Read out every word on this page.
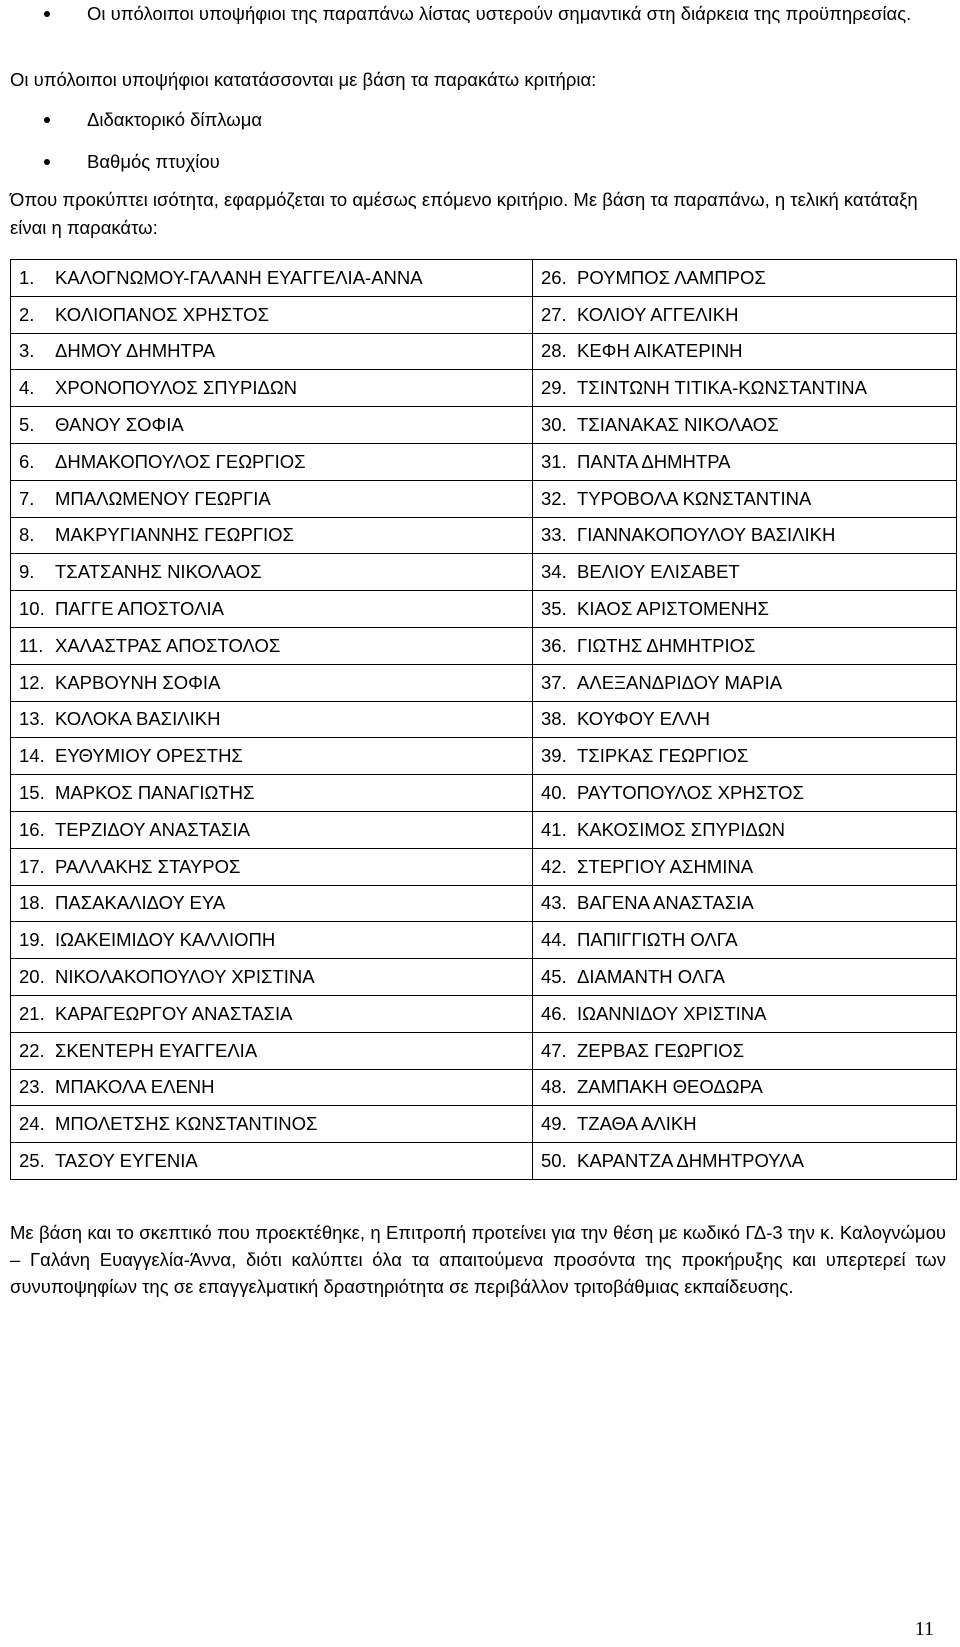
Οι υπόλοιποι υποψήφιοι της παραπάνω λίστας υστερούν σημαντικά στη διάρκεια της προϋπηρεσίας.

Οι υπόλοιποι υποψήφιοι κατατάσσονται με βάση τα παρακάτω κριτήρια:

Διδακτορικό δίπλωμα
Βαθμός πτυχίου

Όπου προκύπτει ισότητα, εφαρμόζεται το αμέσως επόμενο κριτήριο. Με βάση τα παραπάνω, η τελική κατάταξη είναι η παρακάτω:

1. ΚΑΛΟΓΝΩΜΟΥ-ΓΑΛΑΝΗ ΕΥΑΓΓΕΛΙΑ-ΑΝΝΑ	26. ΡΟΥΜΠΟΣ ΛΑΜΠΡΟΣ
2. ΚΟΛΙΟΠΑΝΟΣ ΧΡΗΣΤΟΣ	27. ΚΟΛΙΟΥ ΑΓΓΕΛΙΚΗ
3. ΔΗΜΟΥ ΔΗΜΗΤΡΑ	28. ΚΕΦΗ ΑΙΚΑΤΕΡΙΝΗ
4. ΧΡΟΝΟΠΟΥΛΟΣ ΣΠΥΡΙΔΩΝ	29. ΤΣΙΝΤΩΝΗ ΤΙΤΙΚΑ-ΚΩΝΣΤΑΝΤΙΝΑ
5. ΘΑΝΟΥ ΣΟΦΙΑ	30. ΤΣΙΑΝΑΚΑΣ ΝΙΚΟΛΑΟΣ
6. ΔΗΜΑΚΟΠΟΥΛΟΣ ΓΕΩΡΓΙΟΣ	31. ΠΑΝΤΑ ΔΗΜΗΤΡΑ
7. ΜΠΑΛΩΜΕΝΟΥ ΓΕΩΡΓΙΑ	32. ΤΥΡΟΒΟΛΑ ΚΩΝΣΤΑΝΤΙΝΑ
8. ΜΑΚΡΥΓΙΑΝΝΗΣ ΓΕΩΡΓΙΟΣ	33. ΓΙΑΝΝΑΚΟΠΟΥΛΟΥ ΒΑΣΙΛΙΚΗ
9. ΤΣΑΤΣΑΝΗΣ ΝΙΚΟΛΑΟΣ	34. ΒΕΛΙΟΥ ΕΛΙΣΑΒΕΤ
10. ΠΑΓΓΕ ΑΠΟΣΤΟΛΙΑ	35. ΚΙΑΟΣ ΑΡΙΣΤΟΜΕΝΗΣ
11. ΧΑΛΑΣΤΡΑΣ ΑΠΟΣΤΟΛΟΣ	36. ΓΙΩΤΗΣ ΔΗΜΗΤΡΙΟΣ
12. ΚΑΡΒΟΥΝΗ ΣΟΦΙΑ	37. ΑΛΕΞΑΝΔΡΙΔΟΥ ΜΑΡΙΑ
13. ΚΟΛΟΚΑ ΒΑΣΙΛΙΚΗ	38. ΚΟΥΦΟΥ ΕΛΛΗ
14. ΕΥΘΥΜΙΟΥ ΟΡΕΣΤΗΣ	39. ΤΣΙΡΚΑΣ ΓΕΩΡΓΙΟΣ
15. ΜΑΡΚΟΣ ΠΑΝΑΓΙΩΤΗΣ	40. ΡΑΥΤΟΠΟΥΛΟΣ ΧΡΗΣΤΟΣ
16. ΤΕΡΖΙΔΟΥ ΑΝΑΣΤΑΣΙΑ	41. ΚΑΚΟΣΙΜΟΣ ΣΠΥΡΙΔΩΝ
17. ΡΑΛΛΑΚΗΣ ΣΤΑΥΡΟΣ	42. ΣΤΕΡΓΙΟΥ ΑΣΗΜΙΝΑ
18. ΠΑΣΑΚΑΛΙΔΟΥ ΕΥΑ	43. ΒΑΓΕΝΑ ΑΝΑΣΤΑΣΙΑ
19. ΙΩΑΚΕΙΜΙΔΟΥ ΚΑΛΛΙΟΠΗ	44. ΠΑΠΙΓΓΙΩΤΗ ΟΛΓΑ
20. ΝΙΚΟΛΑΚΟΠΟΥΛΟΥ ΧΡΙΣΤΙΝΑ	45. ΔΙΑΜΑΝΤΗ ΟΛΓΑ
21. ΚΑΡΑΓΕΩΡΓΟΥ ΑΝΑΣΤΑΣΙΑ	46. ΙΩΑΝΝΙΔΟΥ ΧΡΙΣΤΙΝΑ
22. ΣΚΕΝΤΕΡΗ ΕΥΑΓΓΕΛΙΑ	47. ΖΕΡΒΑΣ ΓΕΩΡΓΙΟΣ
23. ΜΠΑΚΟΛΑ ΕΛΕΝΗ	48. ΖΑΜΠΑΚΗ ΘΕΟΔΩΡΑ
24. ΜΠΟΛΕΤΣΗΣ ΚΩΝΣΤΑΝΤΙΝΟΣ	49. ΤΖΑΘΑ ΑΛΙΚΗ
25. ΤΑΣΟΥ ΕΥΓΕΝΙΑ	50. ΚΑΡΑΝΤΖΑ ΔΗΜΗΤΡΟΥΛΑ

Με βάση και το σκεπτικό που προεκτέθηκε, η Επιτροπή προτείνει για την θέση με κωδικό ΓΔ-3 την κ. Καλογνώμου – Γαλάνη Ευαγγελία-Άννα, διότι καλύπτει όλα τα απαιτούμενα προσόντα της προκήρυξης και υπερτερεί των συνυποψηφίων της σε επαγγελματική δραστηριότητα σε περιβάλλον τριτοβάθμιας εκπαίδευσης.

11
